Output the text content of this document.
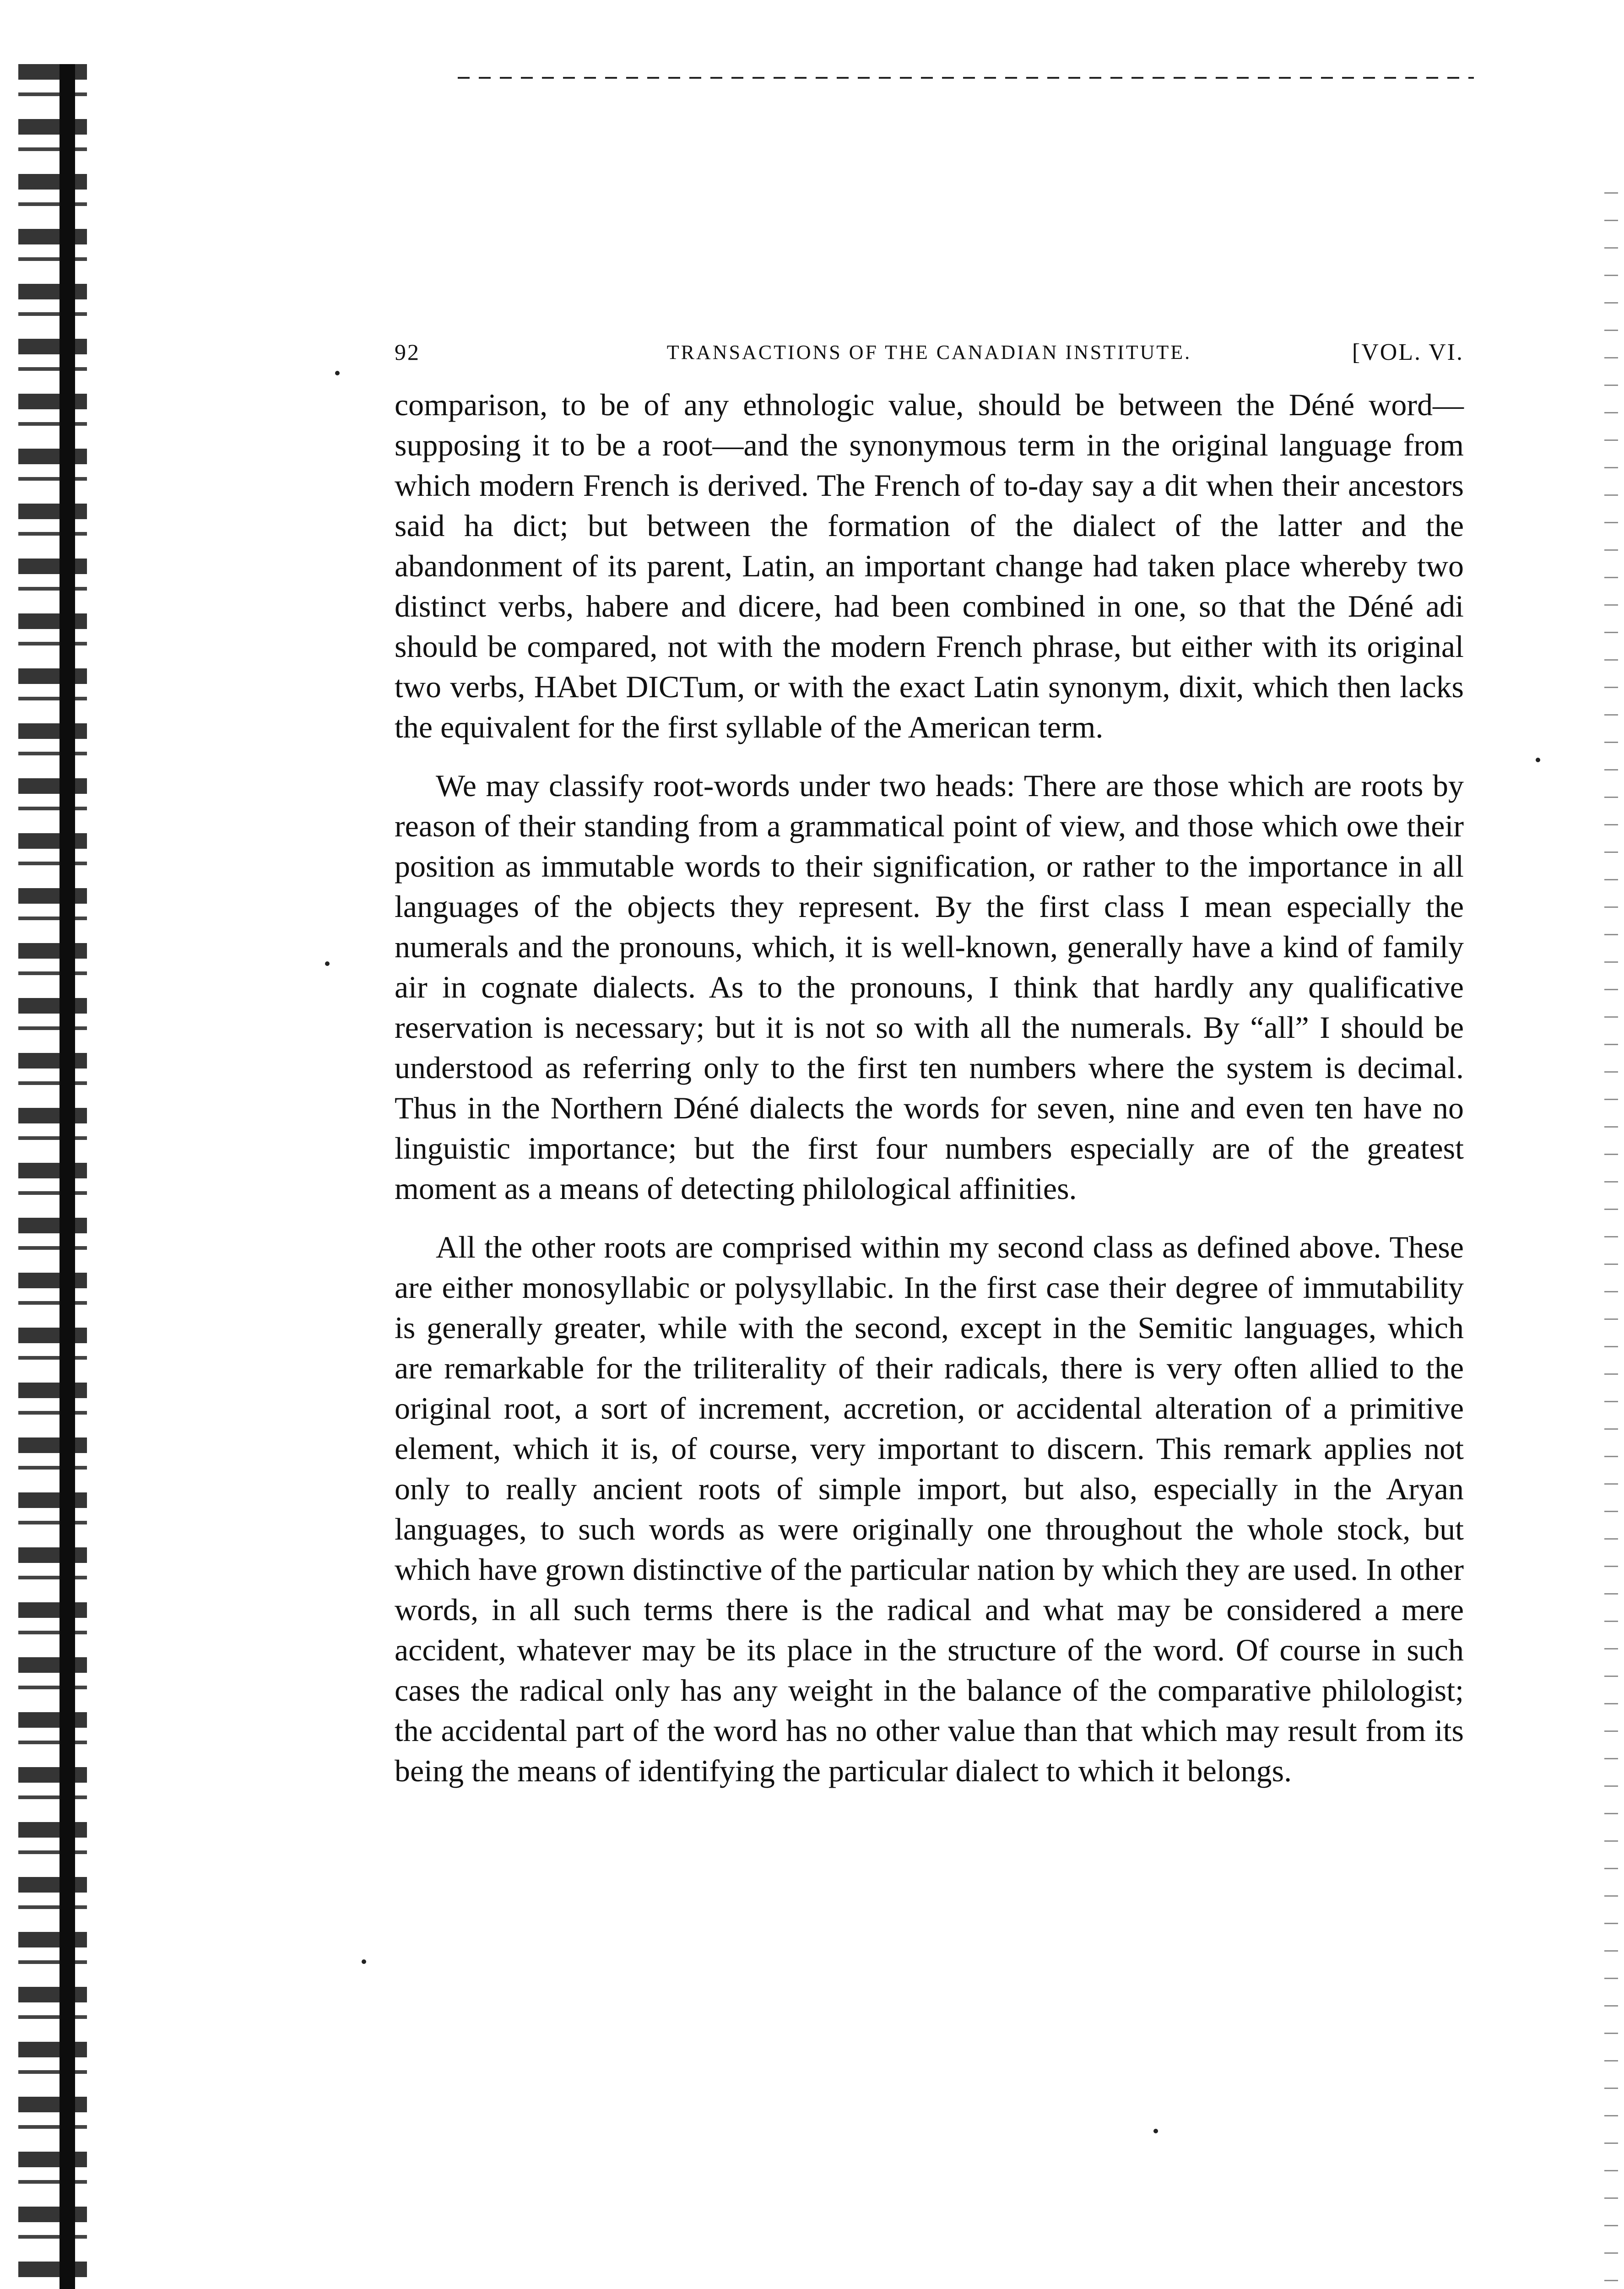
92	TRANSACTIONS OF THE CANADIAN INSTITUTE.	[VOL. VI.

comparison, to be of any ethnologic value, should be between the Déné word—supposing it to be a root—and the synonymous term in the original language from which modern French is derived. The French of to-day say a dit when their ancestors said ha dict; but between the formation of the dialect of the latter and the abandonment of its parent, Latin, an important change had taken place whereby two distinct verbs, habere and dicere, had been combined in one, so that the Déné adi should be compared, not with the modern French phrase, but either with its original two verbs, HAbet DICTum, or with the exact Latin synonym, dixit, which then lacks the equivalent for the first syllable of the American term.

We may classify root-words under two heads: There are those which are roots by reason of their standing from a grammatical point of view, and those which owe their position as immutable words to their signification, or rather to the importance in all languages of the objects they represent. By the first class I mean especially the numerals and the pronouns, which, it is well-known, generally have a kind of family air in cognate dialects. As to the pronouns, I think that hardly any qualificative reservation is necessary; but it is not so with all the numerals. By “all” I should be understood as referring only to the first ten numbers where the system is decimal. Thus in the Northern Déné dialects the words for seven, nine and even ten have no linguistic importance; but the first four numbers especially are of the greatest moment as a means of detecting philological affinities.

All the other roots are comprised within my second class as defined above. These are either monosyllabic or polysyllabic. In the first case their degree of immutability is generally greater, while with the second, except in the Semitic languages, which are remarkable for the triliterality of their radicals, there is very often allied to the original root, a sort of increment, accretion, or accidental alteration of a primitive element, which it is, of course, very important to discern. This remark applies not only to really ancient roots of simple import, but also, especially in the Aryan languages, to such words as were originally one throughout the whole stock, but which have grown distinctive of the particular nation by which they are used. In other words, in all such terms there is the radical and what may be considered a mere accident, whatever may be its place in the structure of the word. Of course in such cases the radical only has any weight in the balance of the comparative philologist; the accidental part of the word has no other value than that which may result from its being the means of identifying the particular dialect to which it belongs.
